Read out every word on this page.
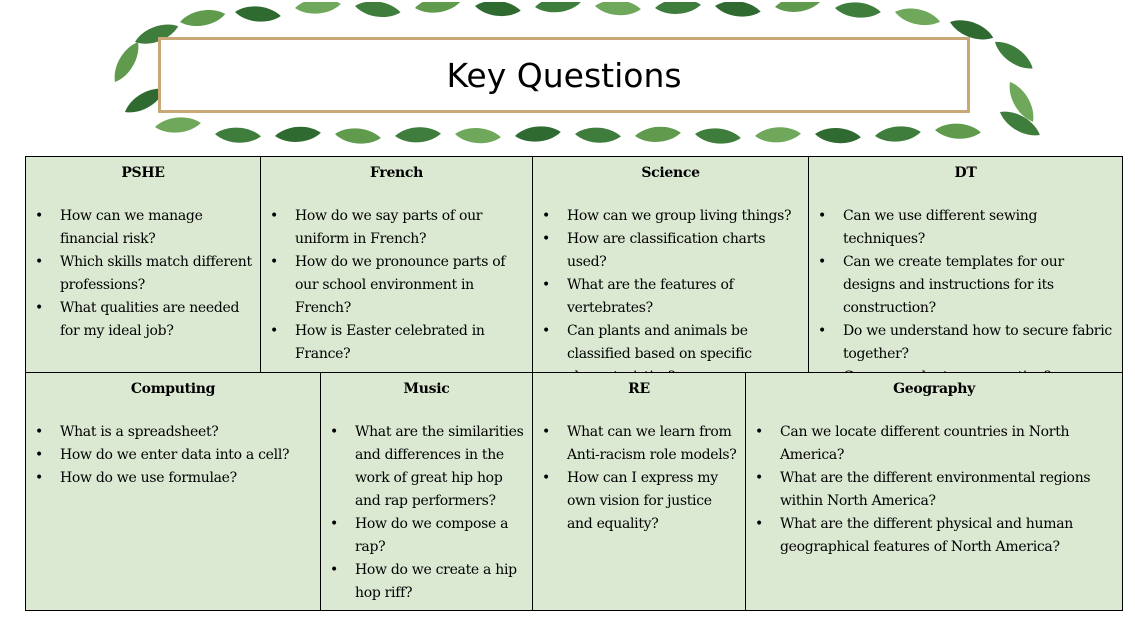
Key Questions
PSHE
• How can we manage financial risk?
• Which skills match different professions?
• What qualities are needed for my ideal job?
French
• How do we say parts of our uniform in French?
• How do we pronounce parts of our school environment in French?
• How is Easter celebrated in France?
Science
• How can we group living things?
• How are classification charts used?
• What are the features of vertebrates?
• Can plants and animals be classified based on specific
DT
• Can we use different sewing techniques?
• Can we create templates for our designs and instructions for its construction?
• Do we understand how to secure fabric together?
Computing
• What is a spreadsheet?
• How do we enter data into a cell?
• How do we use formulae?
Music
• What are the similarities and differences in the work of great hip hop and rap performers?
• How do we compose a rap?
• How do we create a hip hop riff?
RE
• What can we learn from Anti-racism role models?
• How can I express my own vision for justice and equality?
Geography
• Can we locate different countries in North America?
• What are the different environmental regions within North America?
• What are the different physical and human geographical features of North America?
